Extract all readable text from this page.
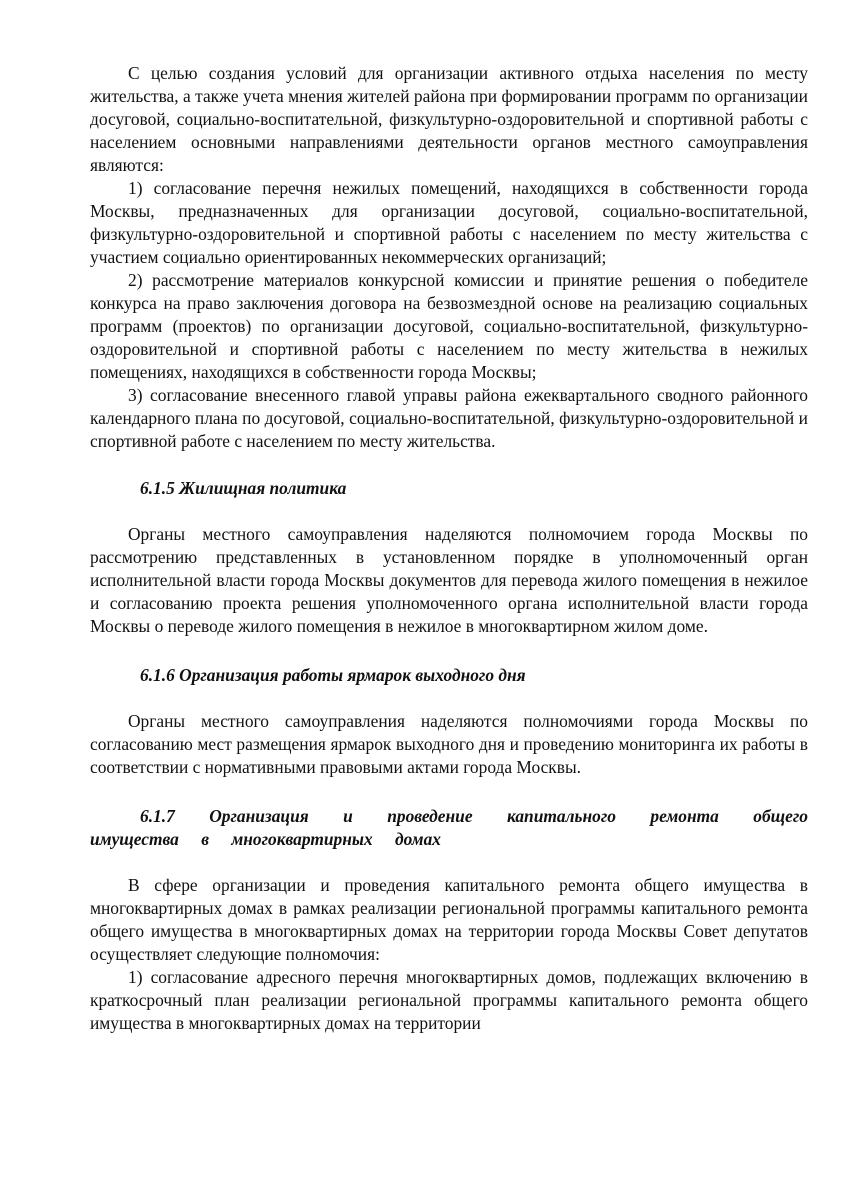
С целью создания условий для организации активного отдыха населения по месту жительства, а также учета мнения жителей района при формировании программ по организации досуговой, социально-воспитательной, физкультурно-оздоровительной и спортивной работы с населением основными направлениями деятельности органов местного самоуправления являются:

1) согласование перечня нежилых помещений, находящихся в собственности города Москвы, предназначенных для организации досуговой, социально-воспитательной, физкультурно-оздоровительной и спортивной работы с населением по месту жительства с участием социально ориентированных некоммерческих организаций;

2) рассмотрение материалов конкурсной комиссии и принятие решения о победителе конкурса на право заключения договора на безвозмездной основе на реализацию социальных программ (проектов) по организации досуговой, социально-воспитательной, физкультурно-оздоровительной и спортивной работы с населением по месту жительства в нежилых помещениях, находящихся в собственности города Москвы;

3) согласование внесенного главой управы района ежеквартального сводного районного календарного плана по досуговой, социально-воспитательной, физкультурно-оздоровительной и спортивной работе с населением по месту жительства.

6.1.5 Жилищная политика

Органы местного самоуправления наделяются полномочием города Москвы по рассмотрению представленных в установленном порядке в уполномоченный орган исполнительной власти города Москвы документов для перевода жилого помещения в нежилое и согласованию проекта решения уполномоченного органа исполнительной власти города Москвы о переводе жилого помещения в нежилое в многоквартирном жилом доме.

6.1.6 Организация работы ярмарок выходного дня

Органы местного самоуправления наделяются полномочиями города Москвы по согласованию мест размещения ярмарок выходного дня и проведению мониторинга их работы в соответствии с нормативными правовыми актами города Москвы.

6.1.7 Организация и проведение капитального ремонта общего имущества в многоквартирных домах

В сфере организации и проведения капитального ремонта общего имущества в многоквартирных домах в рамках реализации региональной программы капитального ремонта общего имущества в многоквартирных домах на территории города Москвы Совет депутатов осуществляет следующие полномочия:

1) согласование адресного перечня многоквартирных домов, подлежащих включению в краткосрочный план реализации региональной программы капитального ремонта общего имущества в многоквартирных домах на территории
